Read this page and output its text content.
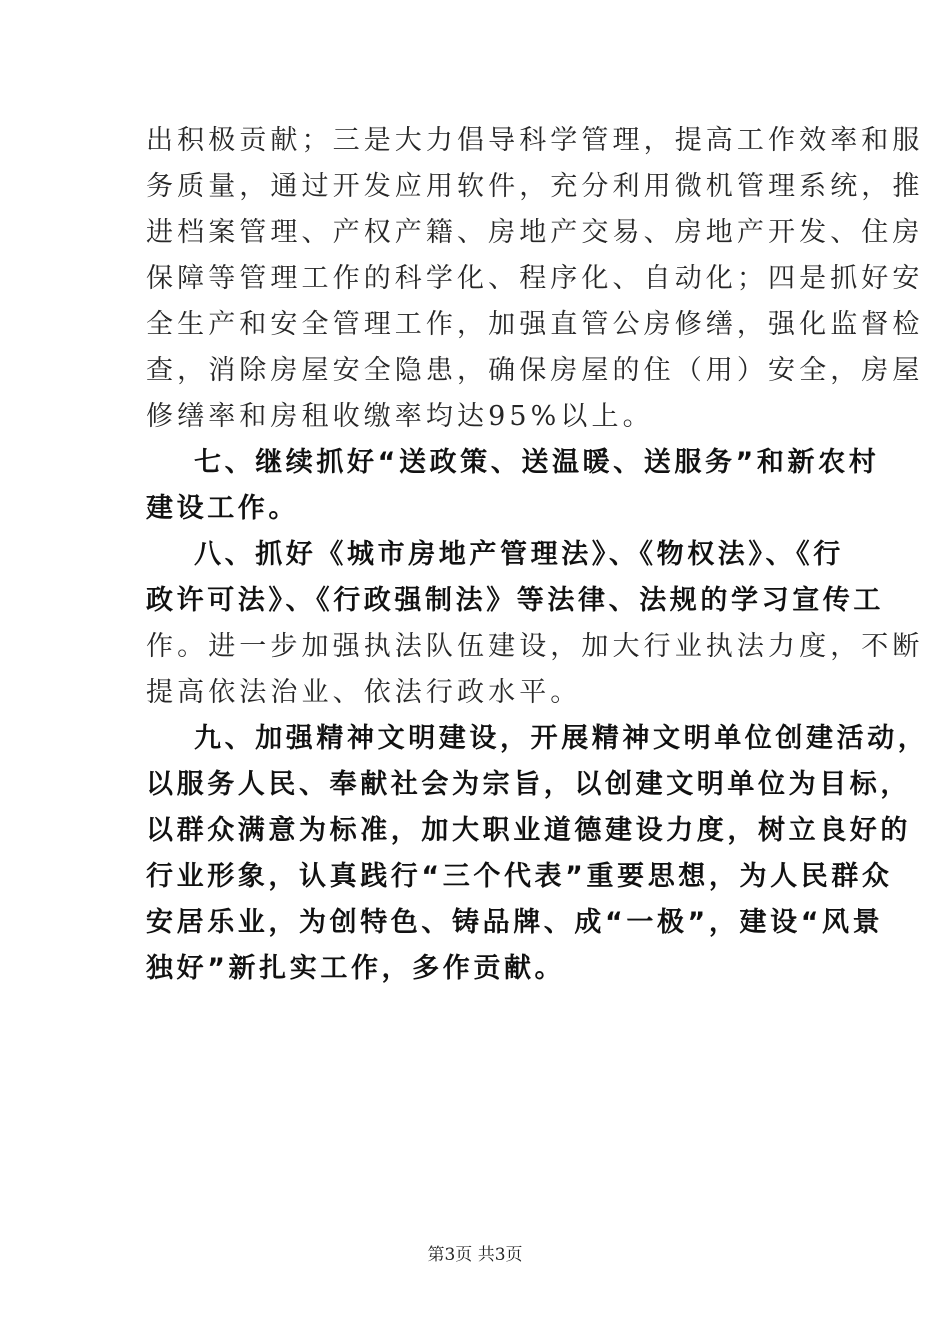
出积极贡献；三是大力倡导科学管理，提高工作效率和服
务质量，通过开发应用软件，充分利用微机管理系统，推
进档案管理、产权产籍、房地产交易、房地产开发、住房
保障等管理工作的科学化、程序化、自动化；四是抓好安
全生产和安全管理工作，加强直管公房修缮，强化监督检
查，消除房屋安全隐患，确保房屋的住（用）安全，房屋
修缮率和房租收缴率均达95%以上。
七、继续抓好“送政策、送温暖、送服务”和新农村
建设工作。
八、抓好《城市房地产管理法》、《物权法》、《行
政许可法》、《行政强制法》等法律、法规的学习宣传工
作。进一步加强执法队伍建设，加大行业执法力度，不断
提高依法治业、依法行政水平。
九、加强精神文明建设，开展精神文明单位创建活动，
以服务人民、奉献社会为宗旨，以创建文明单位为目标，
以群众满意为标准，加大职业道德建设力度，树立良好的
行业形象，认真践行“三个代表”重要思想，为人民群众
安居乐业，为创特色、铸品牌、成“一极”，建设“风景
独好”新扎实工作，多作贡献。
第3页 共3页
